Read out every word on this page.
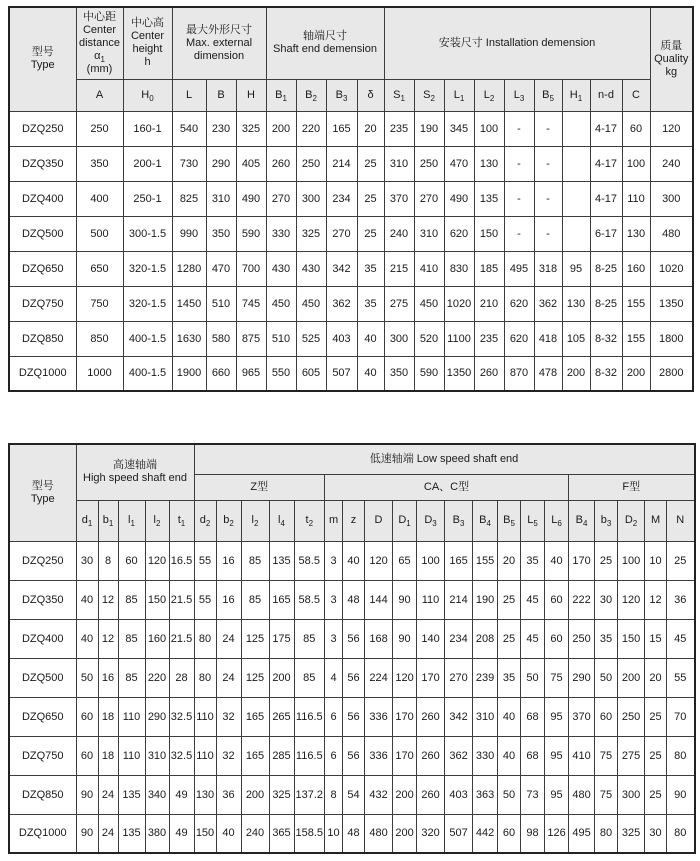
型号
Type	中心距
Center
distance
$\alpha_1$
(mm)	中心高
Center
height
h	最大外形尺寸
Max. external
dimension			轴端尺寸
Shaft end demension				安装尺寸 Installation demension									质量
Quality
kg
	A	$H_0$	L	B	H	$B_1$	$B_2$	$B_3$	δ	$S_1$	$S_2$	$L_1$	$L_2$	$L_3$	$B_5$	$H_1$	n-d	C	
DZQ250	250	160-1	540	230	325	200	220	165	20	235	190	345	100	-	-		4-17	60	120
DZQ350	350	200-1	730	290	405	260	250	214	25	310	250	470	130	-	-		4-17	100	240
DZQ400	400	250-1	825	310	490	270	300	234	25	370	270	490	135	-	-		4-17	110	300
DZQ500	500	300-1.5	990	350	590	330	325	270	25	240	310	620	150	-	-		6-17	130	480
DZQ650	650	320-1.5	1280	470	700	430	430	342	35	215	410	830	185	495	318	95	8-25	160	1020
DZQ750	750	320-1.5	1450	510	745	450	450	362	35	275	450	1020	210	620	362	130	8-25	155	1350
DZQ850	850	400-1.5	1630	580	875	510	525	403	40	300	520	1100	235	620	418	105	8-32	155	1800
DZQ1000	1000	400-1.5	1900	660	965	550	605	507	40	350	590	1350	260	870	478	200	8-32	200	2800
型号
Type	高速轴端
High speed shaft end					低速轴端 Low speed shaft end																			
						Z型					CA、C型										F型				
	$d_1$	$b_1$	$l_1$	$l_2$	$t_1$	$d_2$	$b_2$	$l_2$	$l_4$	$t_2$	m	z	D	$D_1$	$D_3$	$B_3$	$B_4$	$B_5$	$L_5$	$L_6$	$B_4$	$b_3$	$D_2$	M	N
DZQ250	30	8	60	120	16.5	55	16	85	135	58.5	3	40	120	65	100	165	155	20	35	40	170	25	100	10	25
DZQ350	40	12	85	150	21.5	55	16	85	165	58.5	3	48	144	90	110	214	190	25	45	60	222	30	120	12	36
DZQ400	40	12	85	160	21.5	80	24	125	175	85	3	56	168	90	140	234	208	25	45	60	250	35	150	15	45
DZQ500	50	16	85	220	28	80	24	125	200	85	4	56	224	120	170	270	239	35	50	75	290	50	200	20	55
DZQ650	60	18	110	290	32.5	110	32	165	265	116.5	6	56	336	170	260	342	310	40	68	95	370	60	250	25	70
DZQ750	60	18	110	310	32.5	110	32	165	285	116.5	6	56	336	170	260	362	330	40	68	95	410	75	275	25	80
DZQ850	90	24	135	340	49	130	36	200	325	137.2	8	54	432	200	260	403	363	50	73	95	480	75	300	25	90
DZQ1000	90	24	135	380	49	150	40	240	365	158.5	10	48	480	200	320	507	442	60	98	126	495	80	325	30	80
